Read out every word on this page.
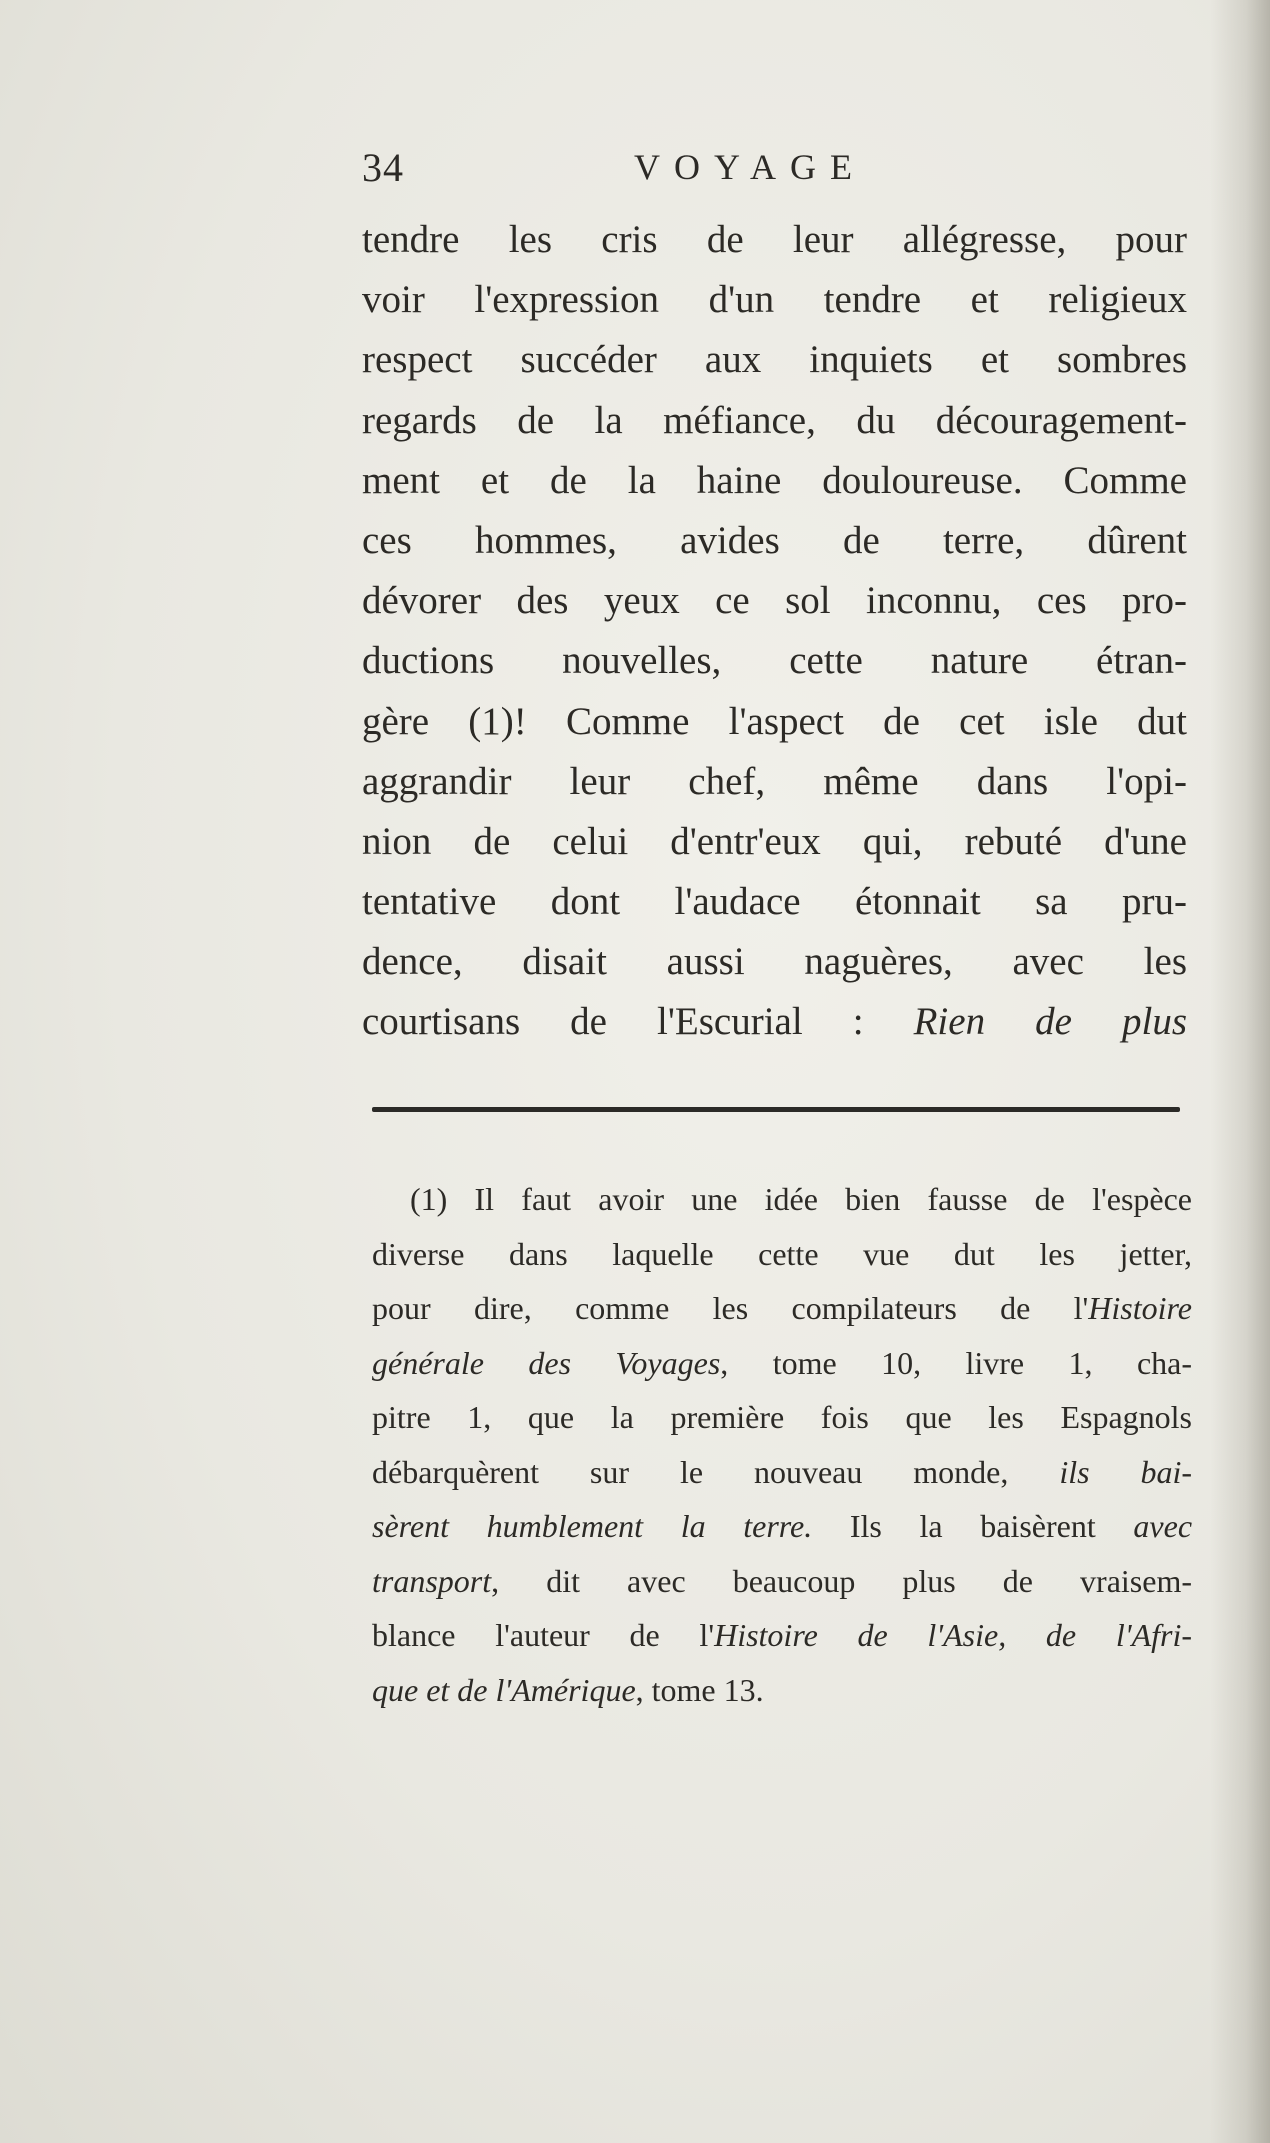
34	VOYAGE
tendre les cris de leur allégresse, pour
voir l'expression d'un tendre et religieux
respect succéder aux inquiets et sombres
regards de la méfiance, du découragement-
ment et de la haine douloureuse. Comme
ces hommes, avides de terre, dûrent
dévorer des yeux ce sol inconnu, ces pro-
ductions nouvelles, cette nature étran-
gère (1)! Comme l'aspect de cet isle dut
aggrandir leur chef, même dans l'opi-
nion de celui d'entr'eux qui, rebuté d'une
tentative dont l'audace étonnait sa pru-
dence, disait aussi naguères, avec les
courtisans de l'Escurial : Rien de plus
(1) Il faut avoir une idée bien fausse de l'espèce
diverse dans laquelle cette vue dut les jetter,
pour dire, comme les compilateurs de l'Histoire
générale des Voyages, tome 10, livre 1, cha-
pitre 1, que la première fois que les Espagnols
débarquèrent sur le nouveau monde, ils bai-
sèrent humblement la terre. Ils la baisèrent avec
transport, dit avec beaucoup plus de vraisem-
blance l'auteur de l'Histoire de l'Asie, de l'Afri-
que et de l'Amérique, tome 13.
